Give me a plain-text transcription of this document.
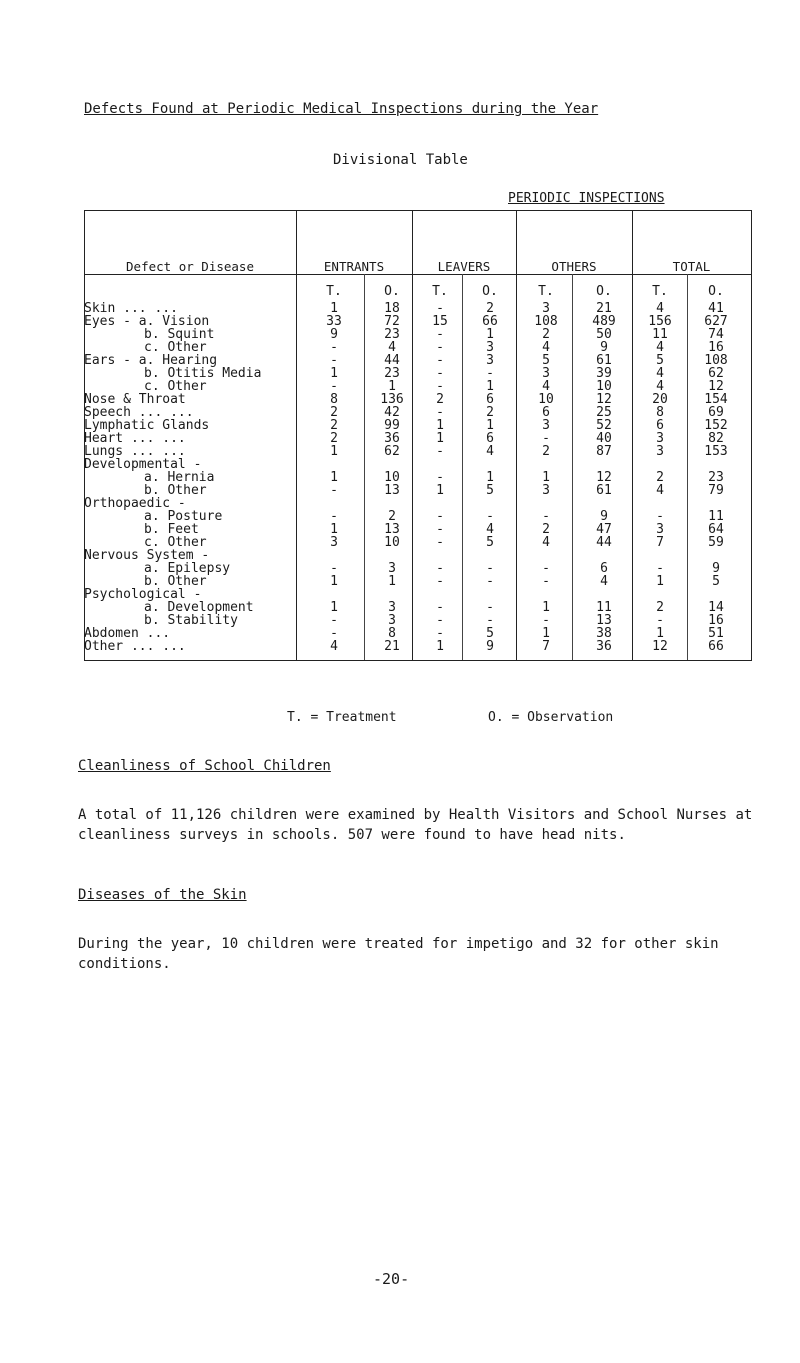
Defects Found at Periodic Medical Inspections during the Year
Divisional Table
PERIODIC INSPECTIONS
Defect or Disease	ENTRANTS	LEAVERS	OTHERS	TOTAL
T.	O.	T.	O.	T.	O.	T.	O.
Skin ... ...	1	18	-	2	3	21	4	41
Eyes - a. Vision	33	72	15	66	108	489	156	627
b. Squint	9	23	-	1	2	50	11	74
c. Other	-	4	-	3	4	9	4	16
Ears - a. Hearing	-	44	-	3	5	61	5	108
b. Otitis Media	1	23	-	-	3	39	4	62
c. Other	-	1	-	1	4	10	4	12
Nose & Throat	8	136	2	6	10	12	20	154
Speech ... ...	2	42	-	2	6	25	8	69
Lymphatic Glands	2	99	1	1	3	52	6	152
Heart ... ...	2	36	1	6	-	40	3	82
Lungs ... ...	1	62	-	4	2	87	3	153
Developmental -
a. Hernia	1	10	-	1	1	12	2	23
b. Other	-	13	1	5	3	61	4	79
Orthopaedic -
a. Posture	-	2	-	-	-	9	-	11
b. Feet	1	13	-	4	2	47	3	64
c. Other	3	10	-	5	4	44	7	59
Nervous System -
a. Epilepsy	-	3	-	-	-	6	-	9
b. Other	1	1	-	-	-	4	1	5
Psychological -
a. Development	1	3	-	-	1	11	2	14
b. Stability	-	3	-	-	-	13	-	16
Abdomen ...	-	8	-	5	1	38	1	51
Other ... ...	4	21	1	9	7	36	12	66
T. = Treatment	O. = Observation
Cleanliness of School Children
A total of 11,126 children were examined by Health Visitors and School Nurses at cleanliness surveys in schools. 507 were found to have head nits.
Diseases of the Skin
During the year, 10 children were treated for impetigo and 32 for other skin conditions.
-20-
